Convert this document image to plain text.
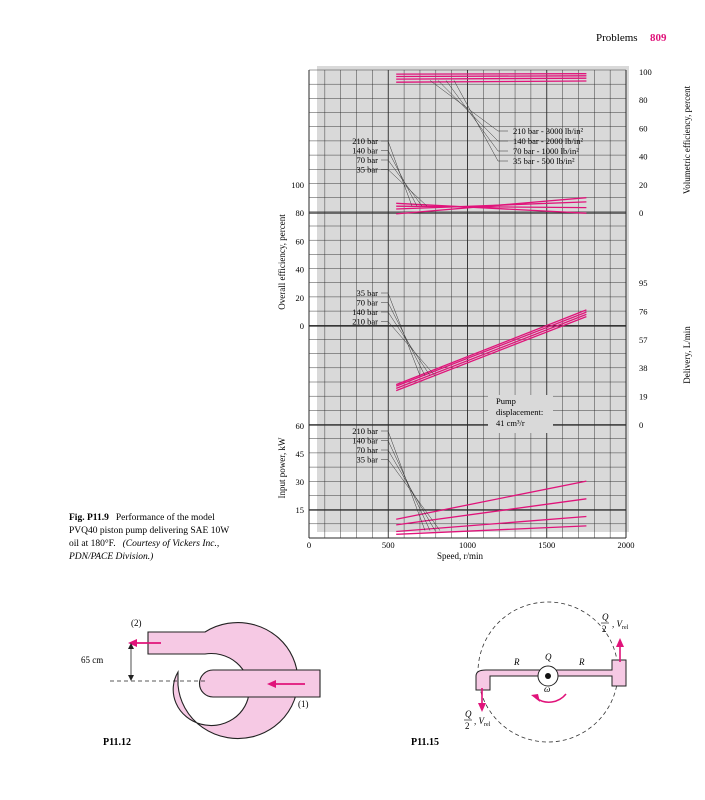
Problems 809
0	500	1000	1500	2000
100
80
60
40
20
0
100
80
60
40
20
0
95
76
57
38
19
0
60
45
30
15
210 bar - 3000 lb/in²
140 bar - 2000 lb/in²
70 bar - 1000 lb/in²
35 bar - 500 lb/in²
210 bar
140 bar
70 bar
35 bar
35 bar
70 bar
140 bar
210 bar
210 bar
140 bar
70 bar
35 bar
Pump
displacement:
41 cm³/r
Speed, r/min
Volumetric efficiency, percent
Overall efficiency, percent
Delivery, L/min
Input power, kW
Fig. P11.9 Performance of the model
PVQ40 piston pump delivering SAE 10W
oil at 180°F. (Courtesy of Vickers Inc.,
PDN/PACE Division.)
65 cm
(2)
(1)
P11.12
Q
2 , $V_{rel}$
Q
2 , $V_{rel}$
R	R
Q
ω
P11.15
